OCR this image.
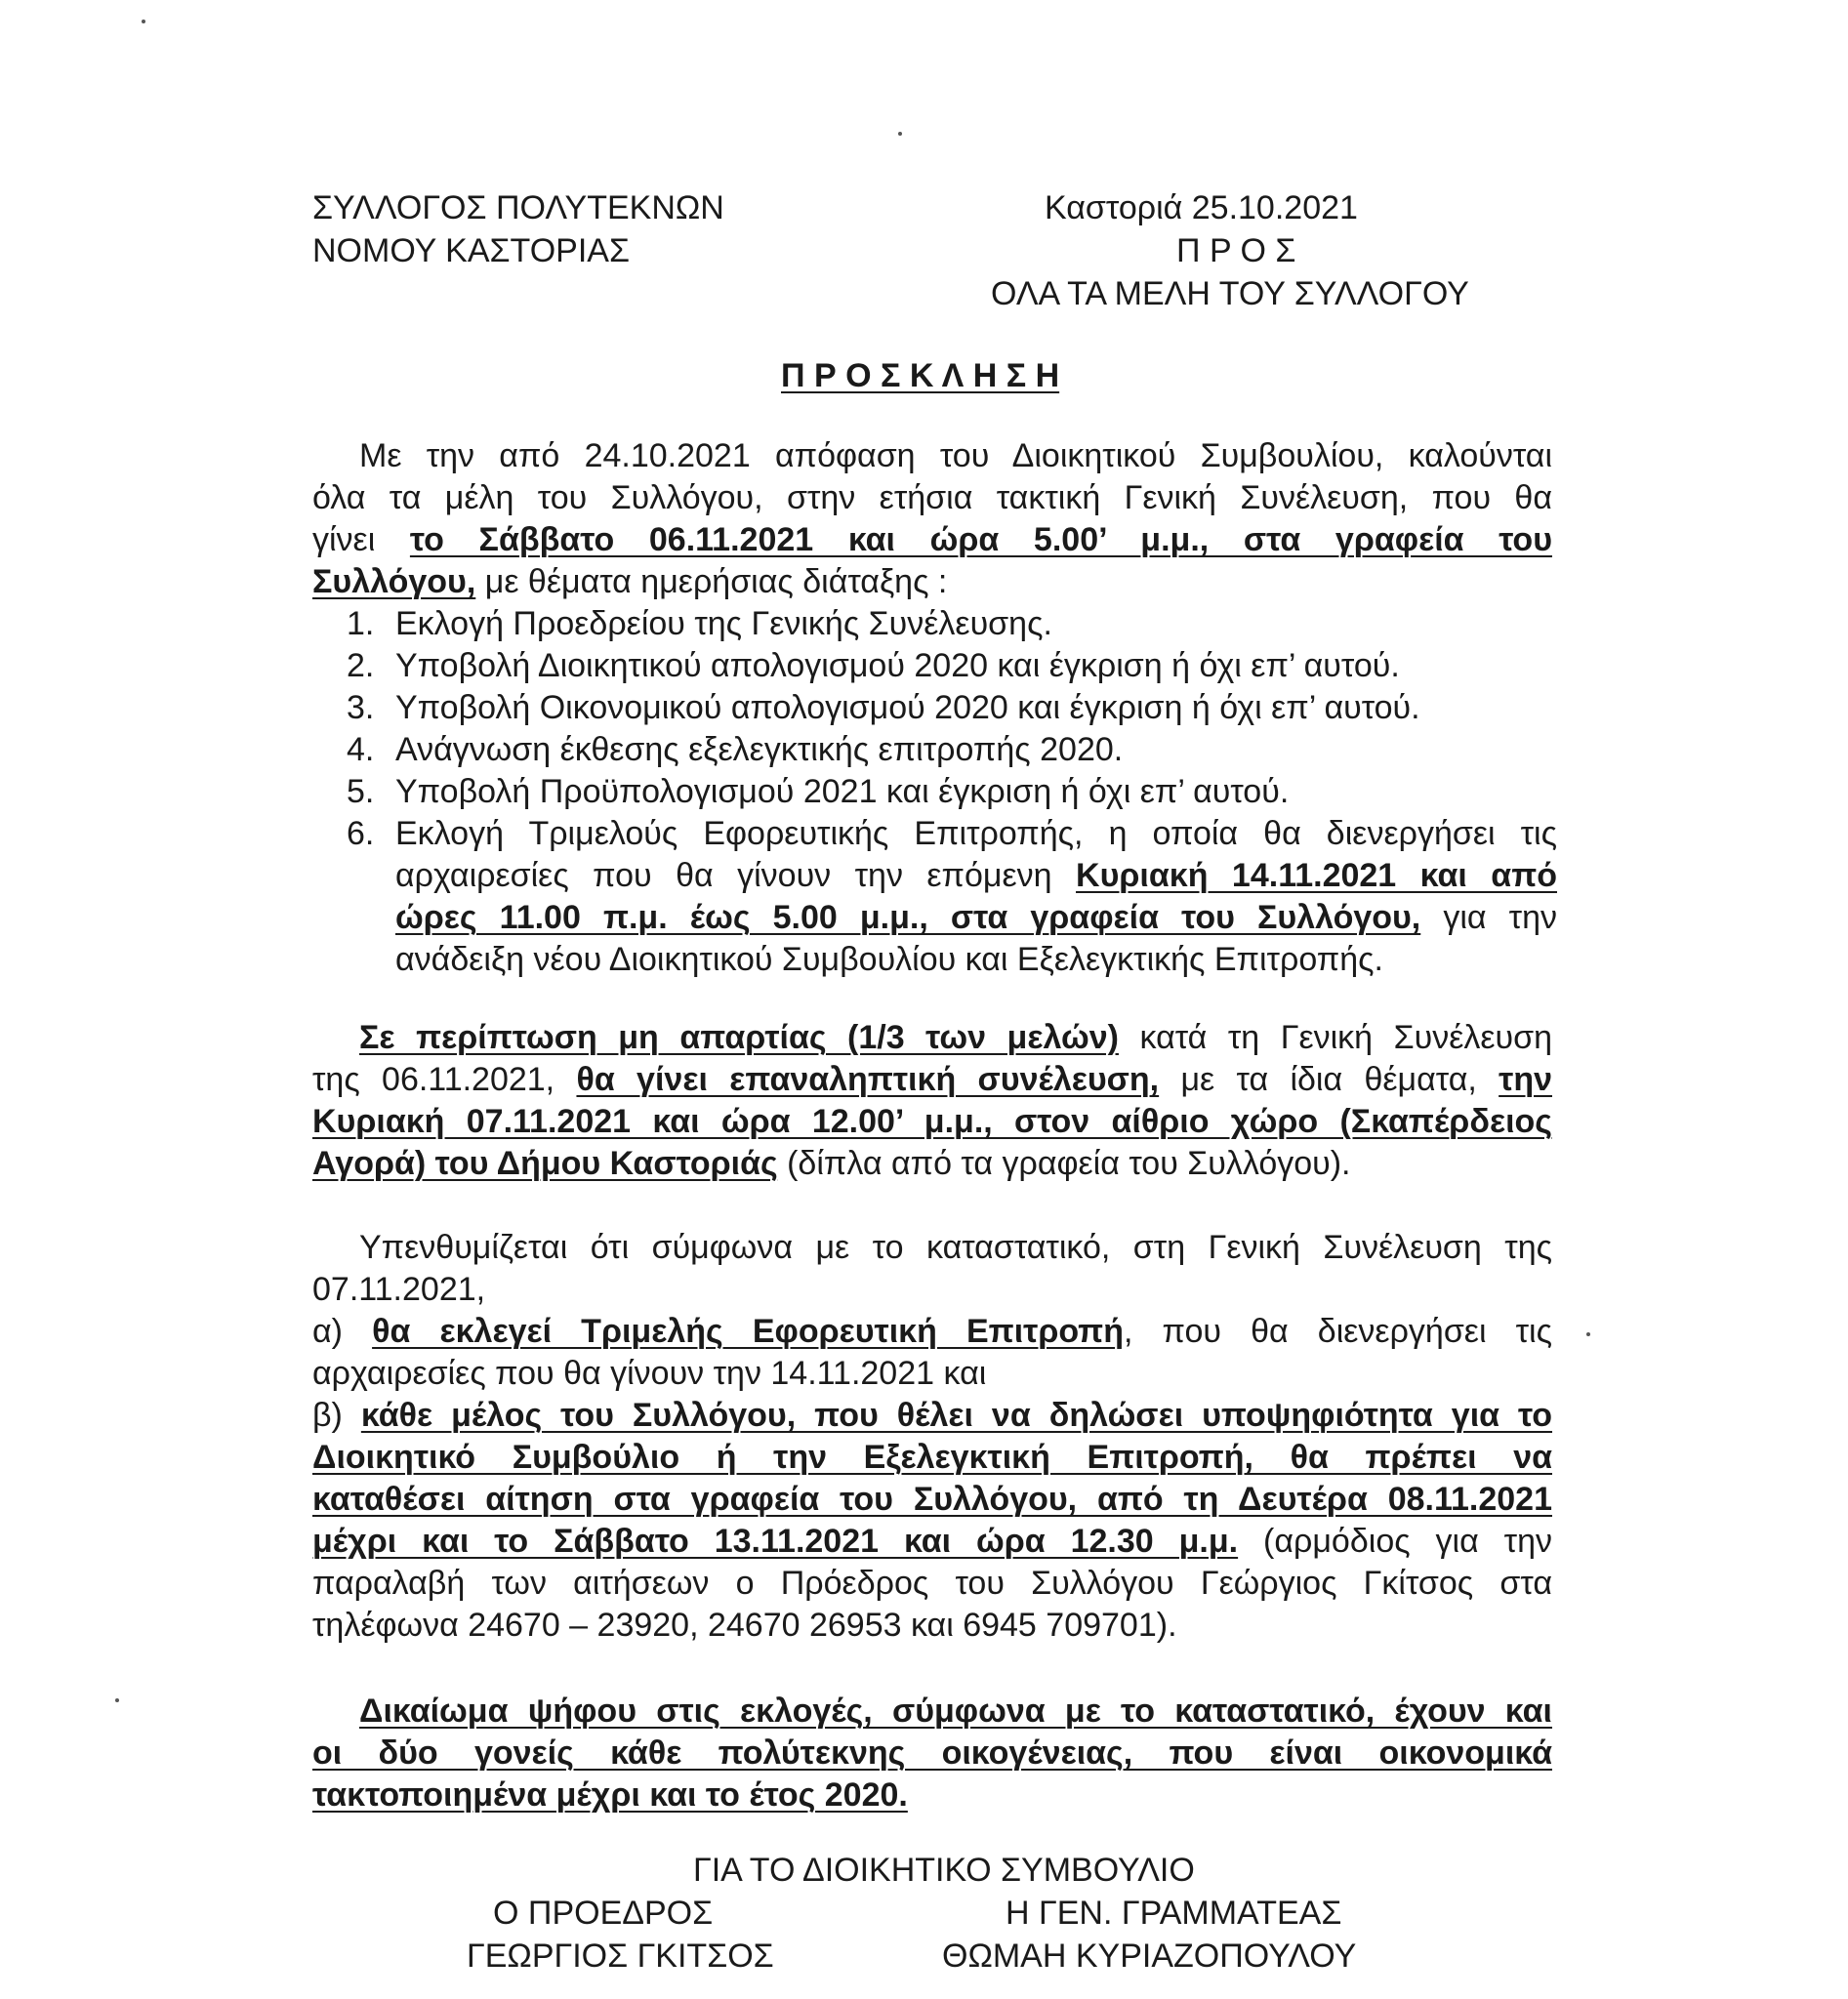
ΣΥΛΛΟΓΟΣ ΠΟΛΥΤΕΚΝΩΝ
ΝΟΜΟΥ ΚΑΣΤΟΡΙΑΣ
Καστοριά 25.10.2021
Π Ρ Ο Σ
ΟΛΑ ΤΑ ΜΕΛΗ ΤΟΥ ΣΥΛΛΟΓΟΥ
Π Ρ Ο Σ Κ Λ Η Σ Η
Με την από 24.10.2021 απόφαση του Διοικητικού Συμβουλίου, καλούνται
όλα τα μέλη του Συλλόγου, στην ετήσια τακτική Γενική Συνέλευση, που θα
γίνει το Σάββατο 06.11.2021 και ώρα 5.00’ μ.μ., στα γραφεία του
Συλλόγου, με θέματα ημερήσιας διάταξης :
1. Εκλογή Προεδρείου της Γενικής Συνέλευσης.
2. Υποβολή Διοικητικού απολογισμού 2020 και έγκριση ή όχι επ’ αυτού.
3. Υποβολή Οικονομικού απολογισμού 2020 και έγκριση ή όχι επ’ αυτού.
4. Ανάγνωση έκθεσης εξελεγκτικής επιτροπής 2020.
5. Υποβολή Προϋπολογισμού 2021 και έγκριση ή όχι επ’ αυτού.
6. Εκλογή Τριμελούς Εφορευτικής Επιτροπής, η οποία θα διενεργήσει τις
αρχαιρεσίες που θα γίνουν την επόμενη Κυριακή 14.11.2021 και από
ώρες 11.00 π.μ. έως 5.00 μ.μ., στα γραφεία του Συλλόγου, για την
ανάδειξη νέου Διοικητικού Συμβουλίου και Εξελεγκτικής Επιτροπής.
Σε περίπτωση μη απαρτίας (1/3 των μελών) κατά τη Γενική Συνέλευση
της 06.11.2021, θα γίνει επαναληπτική συνέλευση, με τα ίδια θέματα, την
Κυριακή 07.11.2021 και ώρα 12.00’ μ.μ., στον αίθριο χώρο (Σκαπέρδειος
Αγορά) του Δήμου Καστοριάς (δίπλα από τα γραφεία του Συλλόγου).
Υπενθυμίζεται ότι σύμφωνα με το καταστατικό, στη Γενική Συνέλευση της
07.11.2021,
α) θα εκλεγεί Τριμελής Εφορευτική Επιτροπή, που θα διενεργήσει τις
αρχαιρεσίες που θα γίνουν την 14.11.2021 και
β) κάθε μέλος του Συλλόγου, που θέλει να δηλώσει υποψηφιότητα για το
Διοικητικό Συμβούλιο ή την Εξελεγκτική Επιτροπή, θα πρέπει να
καταθέσει αίτηση στα γραφεία του Συλλόγου, από τη Δευτέρα 08.11.2021
μέχρι και το Σάββατο 13.11.2021 και ώρα 12.30 μ.μ. (αρμόδιος για την
παραλαβή των αιτήσεων ο Πρόεδρος του Συλλόγου Γεώργιος Γκίτσος στα
τηλέφωνα 24670 – 23920, 24670 26953 και 6945 709701).
Δικαίωμα ψήφου στις εκλογές, σύμφωνα με το καταστατικό, έχουν και
οι δύο γονείς κάθε πολύτεκνης οικογένειας, που είναι οικονομικά
τακτοποιημένα μέχρι και το έτος 2020.
ΓΙΑ ΤΟ ΔΙΟΙΚΗΤΙΚΟ ΣΥΜΒΟΥΛΙΟ
Ο ΠΡΟΕΔΡΟΣ
ΓΕΩΡΓΙΟΣ ΓΚΙΤΣΟΣ
Η ΓΕΝ. ΓΡΑΜΜΑΤΕΑΣ
ΘΩΜΑΗ ΚΥΡΙΑΖΟΠΟΥΛΟΥ
